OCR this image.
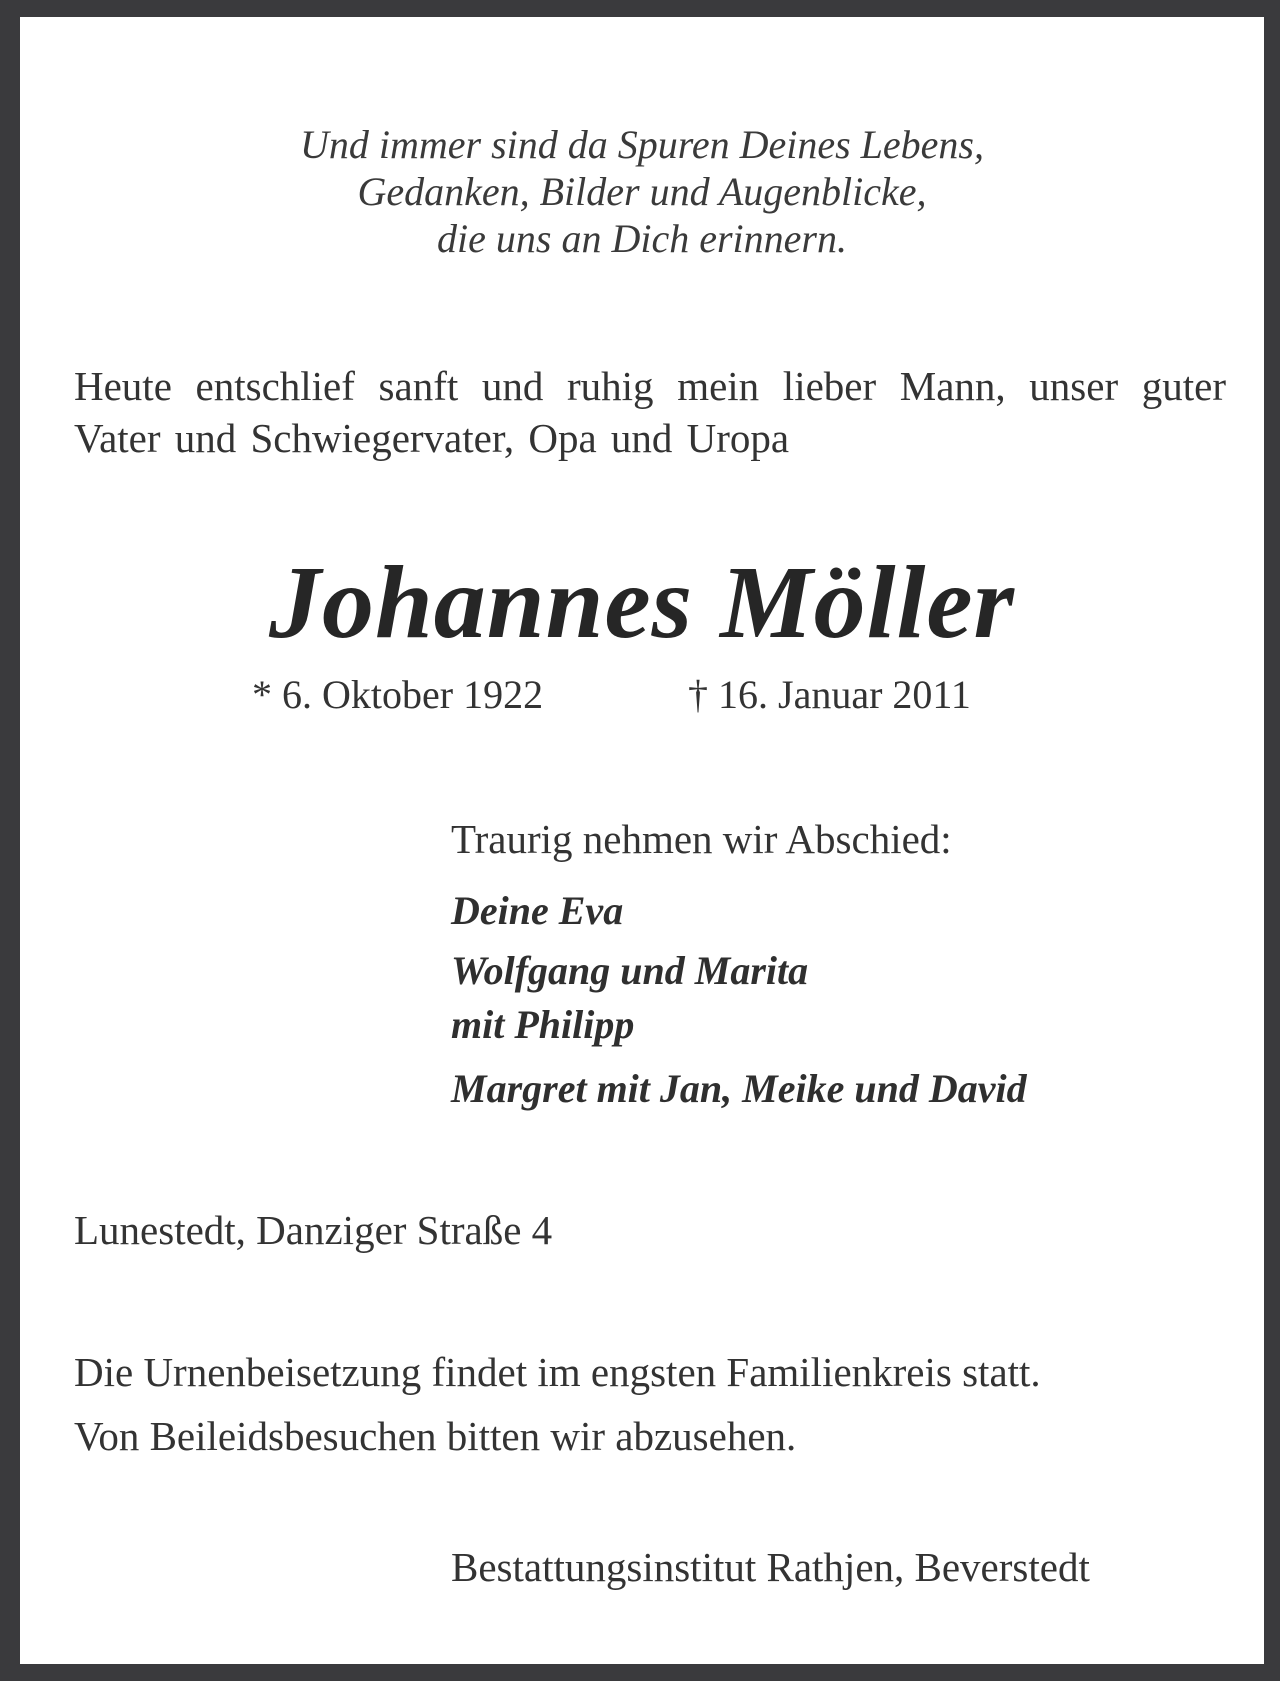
Und immer sind da Spuren Deines Lebens,
Gedanken, Bilder und Augenblicke,
die uns an Dich erinnern.
Heute entschlief sanft und ruhig mein lieber Mann, unser guter Vater und Schwiegervater, Opa und Uropa
Johannes Möller
* 6. Oktober 1922	† 16. Januar 2011
Traurig nehmen wir Abschied:
Deine Eva
Wolfgang und Marita
mit Philipp
Margret mit Jan, Meike und David
Lunestedt, Danziger Straße 4
Die Urnenbeisetzung findet im engsten Familienkreis statt.
Von Beileidsbesuchen bitten wir abzusehen.
Bestattungsinstitut Rathjen, Beverstedt
